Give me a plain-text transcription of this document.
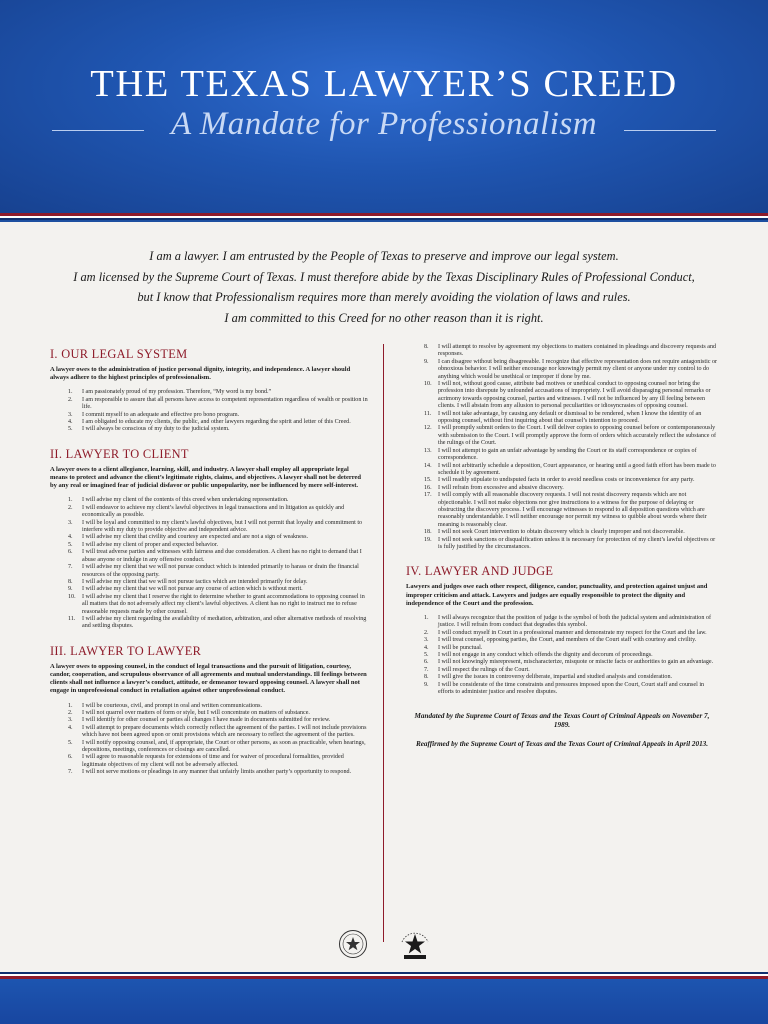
THE TEXAS LAWYER’S CREED
A Mandate for Professionalism
I am a lawyer. I am entrusted by the People of Texas to preserve and improve our legal system.
I am licensed by the Supreme Court of Texas. I must therefore abide by the Texas Disciplinary Rules of Professional Conduct,
but I know that Professionalism requires more than merely avoiding the violation of laws and rules.
I am committed to this Creed for no other reason than it is right.
I. OUR LEGAL SYSTEM
A lawyer owes to the administration of justice personal dignity, integrity, and independence. A lawyer should always adhere to the highest principles of professionalism.
1. I am passionately proud of my profession. Therefore, “My word is my bond.”
2. I am responsible to assure that all persons have access to competent representation regardless of wealth or position in life.
3. I commit myself to an adequate and effective pro bono program.
4. I am obligated to educate my clients, the public, and other lawyers regarding the spirit and letter of this Creed.
5. I will always be conscious of my duty to the judicial system.
II. LAWYER TO CLIENT
A lawyer owes to a client allegiance, learning, skill, and industry. A lawyer shall employ all appropriate legal means to protect and advance the client’s legitimate rights, claims, and objectives. A lawyer shall not be deterred by any real or imagined fear of judicial disfavor or public unpopularity, nor be influenced by mere self-interest.
1. I will advise my client of the contents of this creed when undertaking representation.
2. I will endeavor to achieve my client’s lawful objectives in legal transactions and in litigation as quickly and economically as possible.
3. I will be loyal and committed to my client’s lawful objectives, but I will not permit that loyalty and commitment to interfere with my duty to provide objective and independent advice.
4. I will advise my client that civility and courtesy are expected and are not a sign of weakness.
5. I will advise my client of proper and expected behavior.
6. I will treat adverse parties and witnesses with fairness and due consideration. A client has no right to demand that I abuse anyone or indulge in any offensive conduct.
7. I will advise my client that we will not pursue conduct which is intended primarily to harass or drain the financial resources of the opposing party.
8. I will advise my client that we will not pursue tactics which are intended primarily for delay.
9. I will advise my client that we will not pursue any course of action which is without merit.
10. I will advise my client that I reserve the right to determine whether to grant accommodations to opposing counsel in all matters that do not adversely affect my client’s lawful objectives. A client has no right to instruct me to refuse reasonable requests made by other counsel.
11. I will advise my client regarding the availability of mediation, arbitration, and other alternative methods of resolving and settling disputes.
III. LAWYER TO LAWYER
A lawyer owes to opposing counsel, in the conduct of legal transactions and the pursuit of litigation, courtesy, candor, cooperation, and scrupulous observance of all agreements and mutual understandings. Ill feelings between clients shall not influence a lawyer’s conduct, attitude, or demeanor toward opposing counsel. A lawyer shall not engage in unprofessional conduct in retaliation against other unprofessional conduct.
1. I will be courteous, civil, and prompt in oral and written communications.
2. I will not quarrel over matters of form or style, but I will concentrate on matters of substance.
3. I will identify for other counsel or parties all changes I have made in documents submitted for review.
4. I will attempt to prepare documents which correctly reflect the agreement of the parties. I will not include provisions which have not been agreed upon or omit provisions which are necessary to reflect the agreement of the parties.
5. I will notify opposing counsel, and, if appropriate, the Court or other persons, as soon as practicable, when hearings, depositions, meetings, conferences or closings are cancelled.
6. I will agree to reasonable requests for extensions of time and for waiver of procedural formalities, provided legitimate objectives of my client will not be adversely affected.
7. I will not serve motions or pleadings in any manner that unfairly limits another party’s opportunity to respond.
8. I will attempt to resolve by agreement my objections to matters contained in pleadings and discovery requests and responses.
9. I can disagree without being disagreeable. I recognize that effective representation does not require antagonistic or obnoxious behavior. I will neither encourage nor knowingly permit my client or anyone under my control to do anything which would be unethical or improper if done by me.
10. I will not, without good cause, attribute bad motives or unethical conduct to opposing counsel nor bring the profession into disrepute by unfounded accusations of impropriety. I will avoid disparaging personal remarks or acrimony towards opposing counsel, parties and witnesses. I will not be influenced by any ill feeling between clients. I will abstain from any allusion to personal peculiarities or idiosyncrasies of opposing counsel.
11. I will not take advantage, by causing any default or dismissal to be rendered, when I know the identity of an opposing counsel, without first inquiring about that counsel’s intention to proceed.
12. I will promptly submit orders to the Court. I will deliver copies to opposing counsel before or contemporaneously with submission to the Court. I will promptly approve the form of orders which accurately reflect the substance of the rulings of the Court.
13. I will not attempt to gain an unfair advantage by sending the Court or its staff correspondence or copies of correspondence.
14. I will not arbitrarily schedule a deposition, Court appearance, or hearing until a good faith effort has been made to schedule it by agreement.
15. I will readily stipulate to undisputed facts in order to avoid needless costs or inconvenience for any party.
16. I will refrain from excessive and abusive discovery.
17. I will comply with all reasonable discovery requests. I will not resist discovery requests which are not objectionable. I will not make objections nor give instructions to a witness for the purpose of delaying or obstructing the discovery process. I will encourage witnesses to respond to all deposition questions which are reasonably understandable. I will neither encourage nor permit my witness to quibble about words where their meaning is reasonably clear.
18. I will not seek Court intervention to obtain discovery which is clearly improper and not discoverable.
19. I will not seek sanctions or disqualification unless it is necessary for protection of my client’s lawful objectives or is fully justified by the circumstances.
IV. LAWYER AND JUDGE
Lawyers and judges owe each other respect, diligence, candor, punctuality, and protection against unjust and improper criticism and attack. Lawyers and judges are equally responsible to protect the dignity and independence of the Court and the profession.
1. I will always recognize that the position of judge is the symbol of both the judicial system and administration of justice. I will refrain from conduct that degrades this symbol.
2. I will conduct myself in Court in a professional manner and demonstrate my respect for the Court and the law.
3. I will treat counsel, opposing parties, the Court, and members of the Court staff with courtesy and civility.
4. I will be punctual.
5. I will not engage in any conduct which offends the dignity and decorum of proceedings.
6. I will not knowingly misrepresent, mischaracterize, misquote or miscite facts or authorities to gain an advantage.
7. I will respect the rulings of the Court.
8. I will give the issues in controversy deliberate, impartial and studied analysis and consideration.
9. I will be considerate of the time constraints and pressures imposed upon the Court, Court staff and counsel in efforts to administer justice and resolve disputes.

Mandated by the Supreme Court of Texas and the Texas Court of Criminal Appeals on November 7, 1989.

Reaffirmed by the Supreme Court of Texas and the Texas Court of Criminal Appeals in April 2013.
